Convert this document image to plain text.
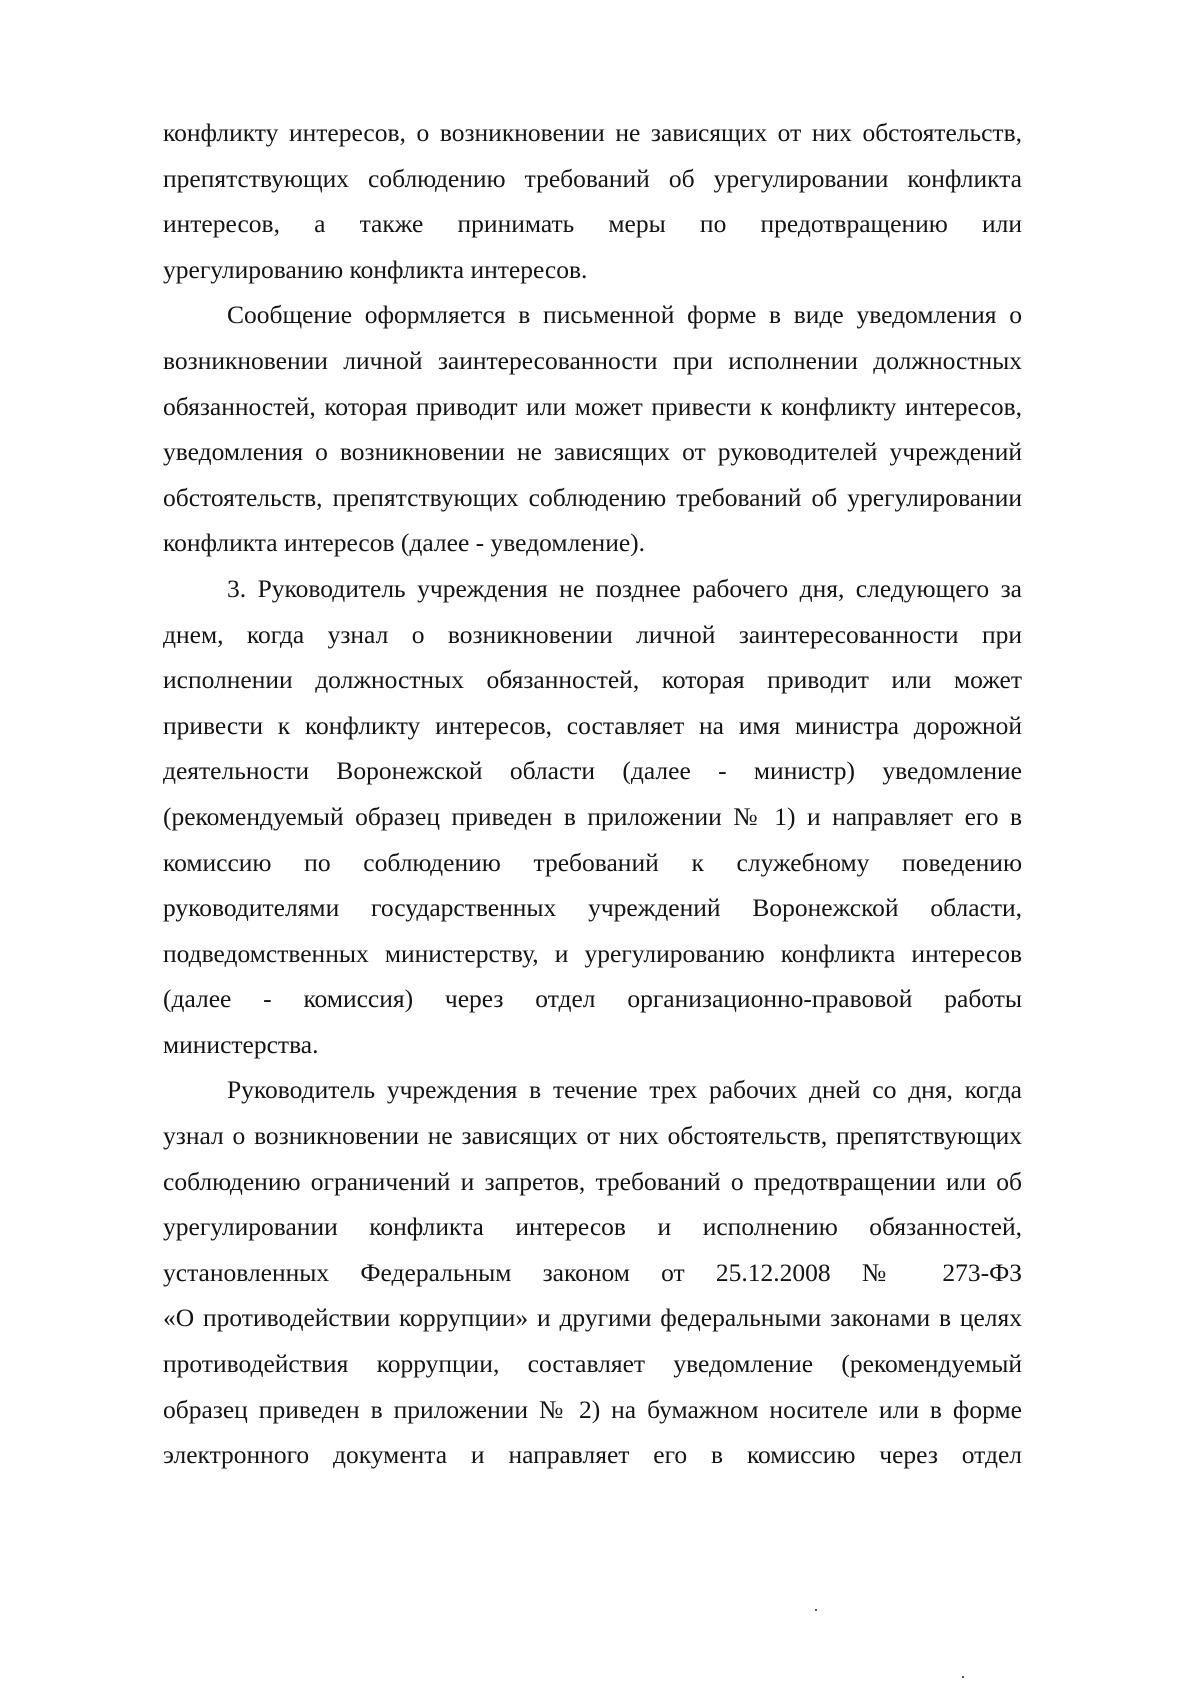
конфликту интересов, о возникновении не зависящих от них обстоятельств,
препятствующих соблюдению требований об урегулировании конфликта
интересов, а также принимать меры по предотвращению или
урегулированию конфликта интересов.
Сообщение оформляется в письменной форме в виде уведомления о
возникновении личной заинтересованности при исполнении должностных
обязанностей, которая приводит или может привести к конфликту интересов,
уведомления о возникновении не зависящих от руководителей учреждений
обстоятельств, препятствующих соблюдению требований об урегулировании
конфликта интересов (далее - уведомление).
3. Руководитель учреждения не позднее рабочего дня, следующего за
днем, когда узнал о возникновении личной заинтересованности при
исполнении должностных обязанностей, которая приводит или может
привести к конфликту интересов, составляет на имя министра дорожной
деятельности Воронежской области (далее - министр) уведомление
(рекомендуемый образец приведен в приложении № 1) и направляет его в
комиссию по соблюдению требований к служебному поведению
руководителями государственных учреждений Воронежской области,
подведомственных министерству, и урегулированию конфликта интересов
(далее - комиссия) через отдел организационно-правовой работы
министерства.
Руководитель учреждения в течение трех рабочих дней со дня, когда
узнал о возникновении не зависящих от них обстоятельств, препятствующих
соблюдению ограничений и запретов, требований о предотвращении или об
урегулировании конфликта интересов и исполнению обязанностей,
установленных Федеральным законом от 25.12.2008 № 273-ФЗ
«О противодействии коррупции» и другими федеральными законами в целях
противодействия коррупции, составляет уведомление (рекомендуемый
образец приведен в приложении № 2) на бумажном носителе или в форме
электронного документа и направляет его в комиссию через отдел
